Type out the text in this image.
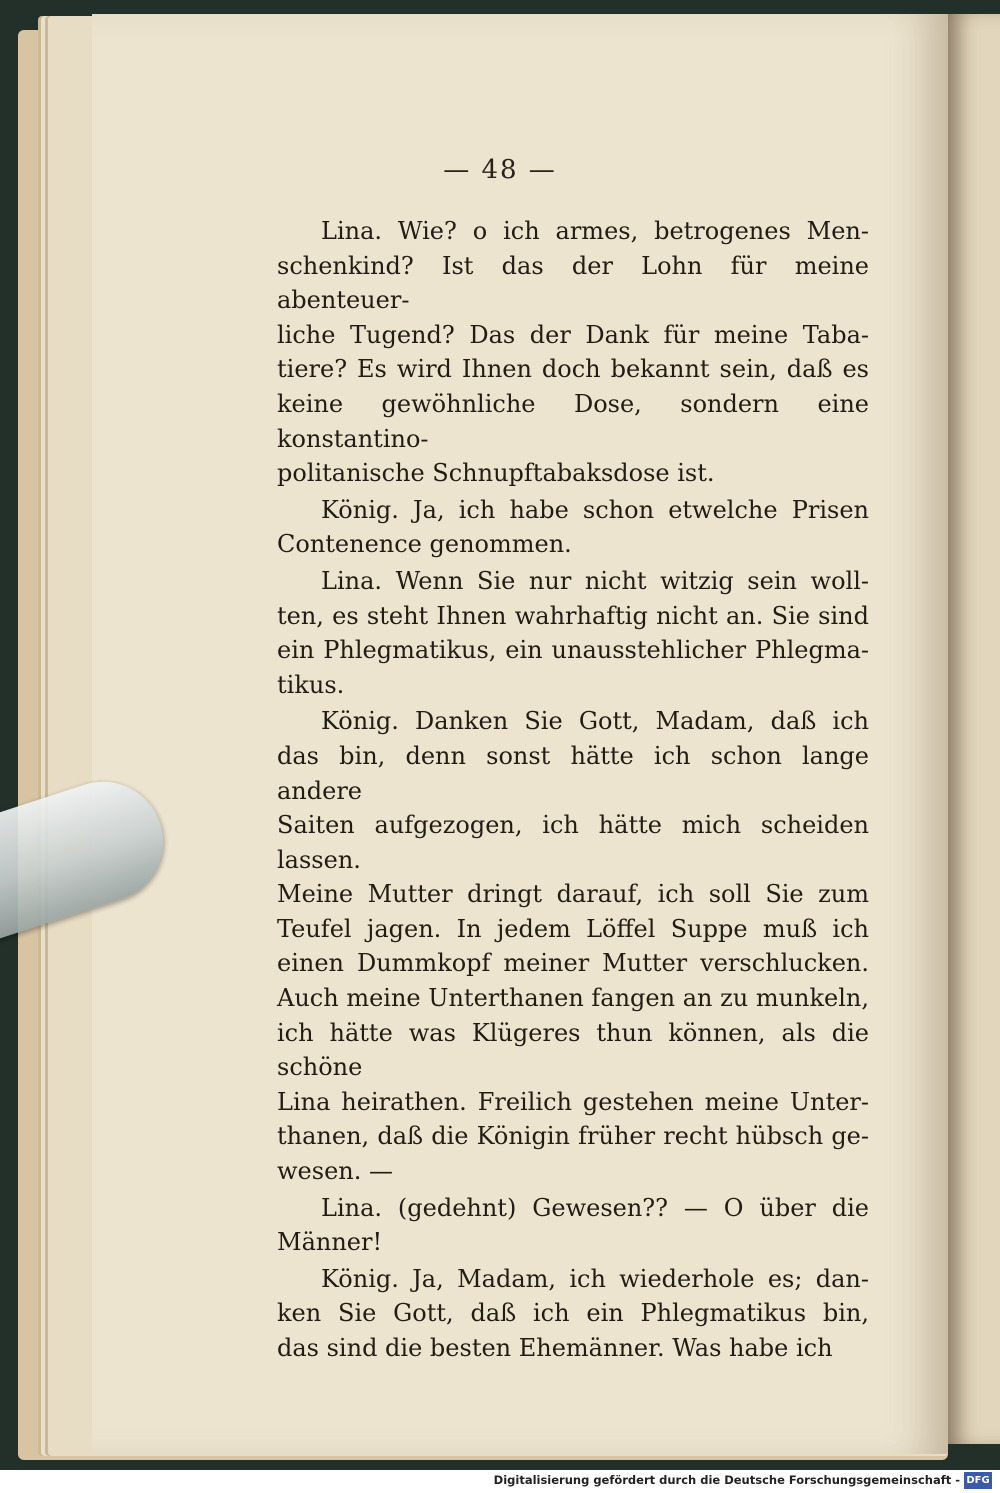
— 48 —

Lina. Wie? o ich armes, betrogenes Men-
schenkind? Ist das der Lohn für meine abenteuer-
liche Tugend? Das der Dank für meine Taba-
tiere? Es wird Ihnen doch bekannt sein, daß es
keine gewöhnliche Dose, sondern eine konstantino-
politanische Schnupftabaksdose ist.

König. Ja, ich habe schon etwelche Prisen
Contenence genommen.

Lina. Wenn Sie nur nicht witzig sein woll-
ten, es steht Ihnen wahrhaftig nicht an. Sie sind
ein Phlegmatikus, ein unausstehlicher Phlegma-
tikus.

König. Danken Sie Gott, Madam, daß ich
das bin, denn sonst hätte ich schon lange andere
Saiten aufgezogen, ich hätte mich scheiden lassen.
Meine Mutter dringt darauf, ich soll Sie zum
Teufel jagen. In jedem Löffel Suppe muß ich
einen Dummkopf meiner Mutter verschlucken.
Auch meine Unterthanen fangen an zu munkeln,
ich hätte was Klügeres thun können, als die schöne
Lina heirathen. Freilich gestehen meine Unter-
thanen, daß die Königin früher recht hübsch ge-
wesen. —

Lina. (gedehnt) Gewesen?? — O über die
Männer!

König. Ja, Madam, ich wiederhole es; dan-
ken Sie Gott, daß ich ein Phlegmatikus bin,
das sind die besten Ehemänner. Was habe ich

Digitalisierung gefördert durch die Deutsche Forschungsgemeinschaft - DFG
